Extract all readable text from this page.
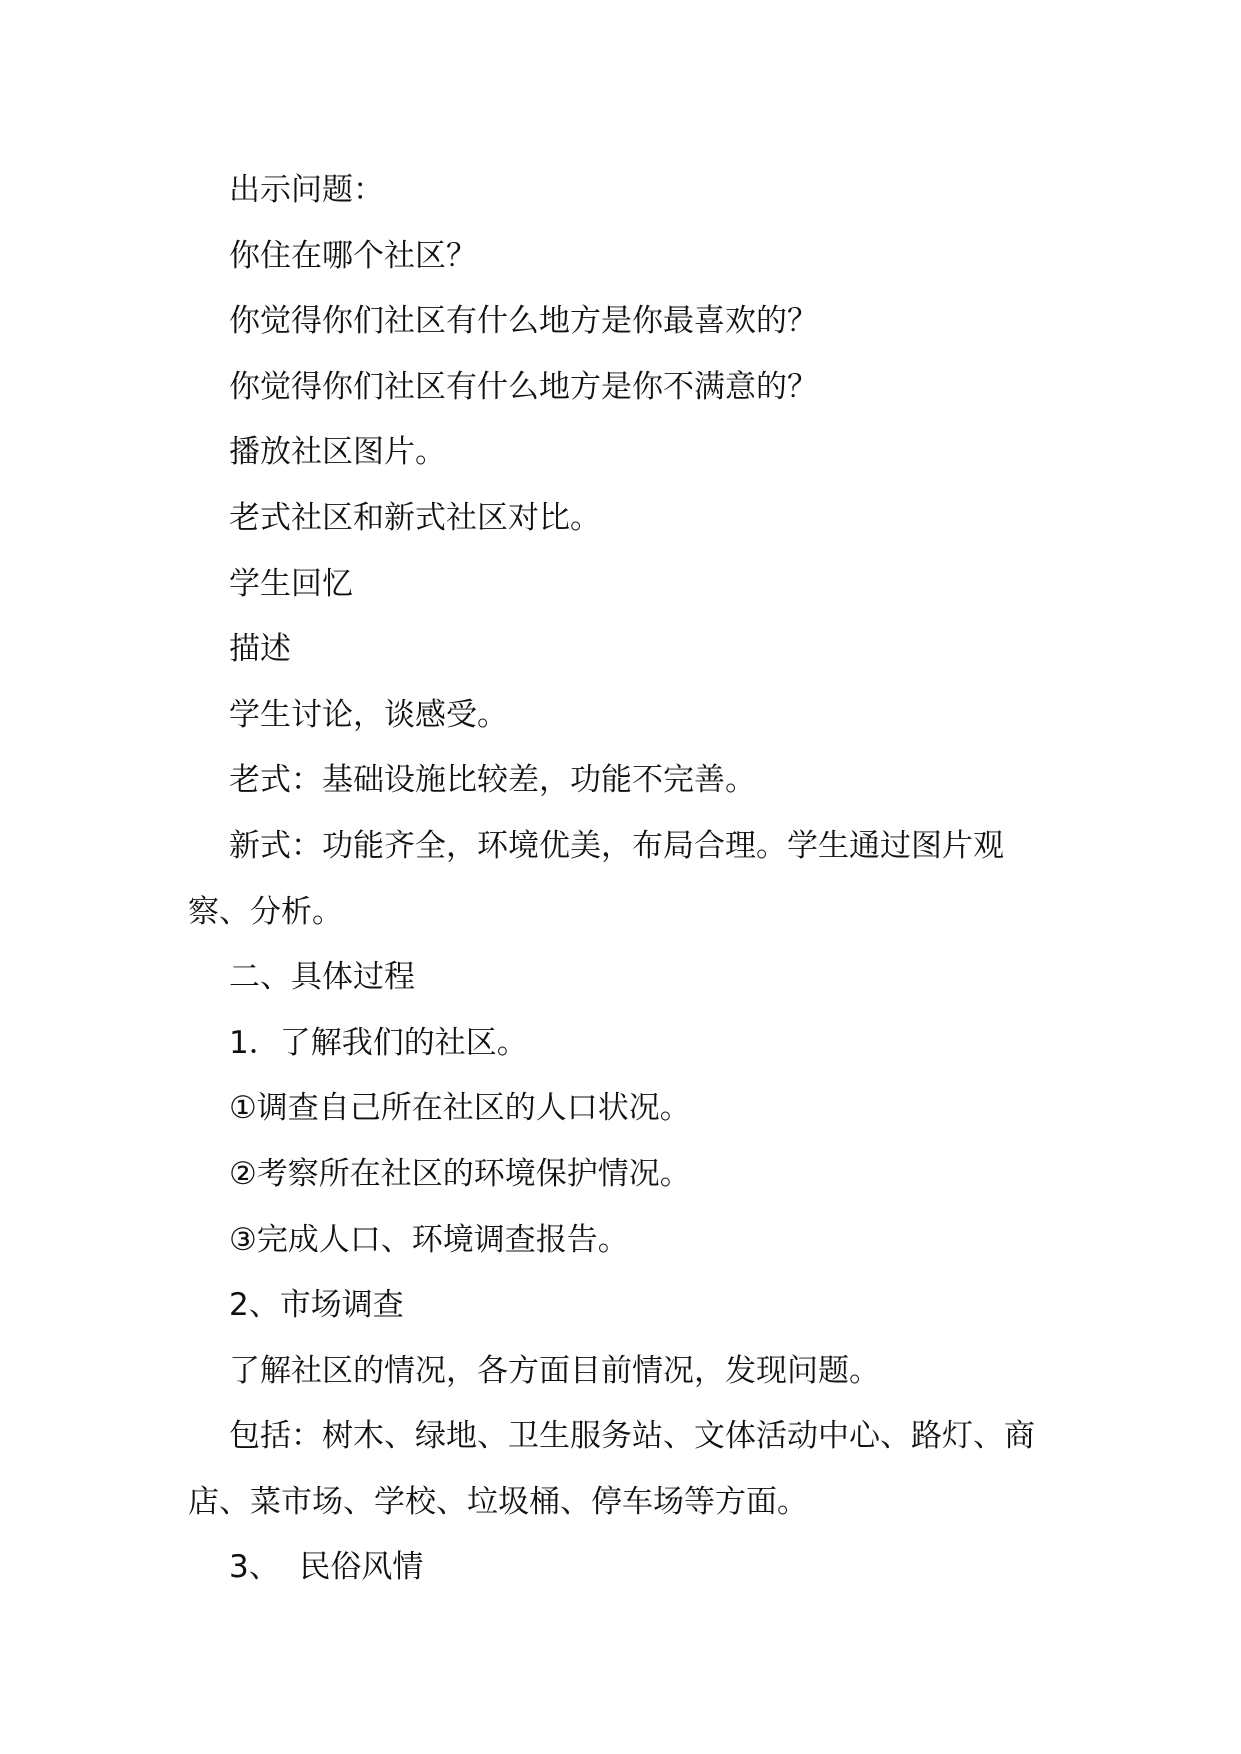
出示问题：

你住在哪个社区？

你觉得你们社区有什么地方是你最喜欢的？

你觉得你们社区有什么地方是你不满意的？

播放社区图片。

老式社区和新式社区对比。

学生回忆

描述

学生讨论，谈感受。

老式：基础设施比较差，功能不完善。

新式：功能齐全，环境优美，布局合理。学生通过图片观察、分析。

二、具体过程

1．了解我们的社区。

①调查自己所在社区的人口状况。

②考察所在社区的环境保护情况。

③完成人口、环境调查报告。

2、市场调查

了解社区的情况，各方面目前情况，发现问题。

包括：树木、绿地、卫生服务站、文体活动中心、路灯、商店、菜市场、学校、垃圾桶、停车场等方面。

3、  民俗风情
